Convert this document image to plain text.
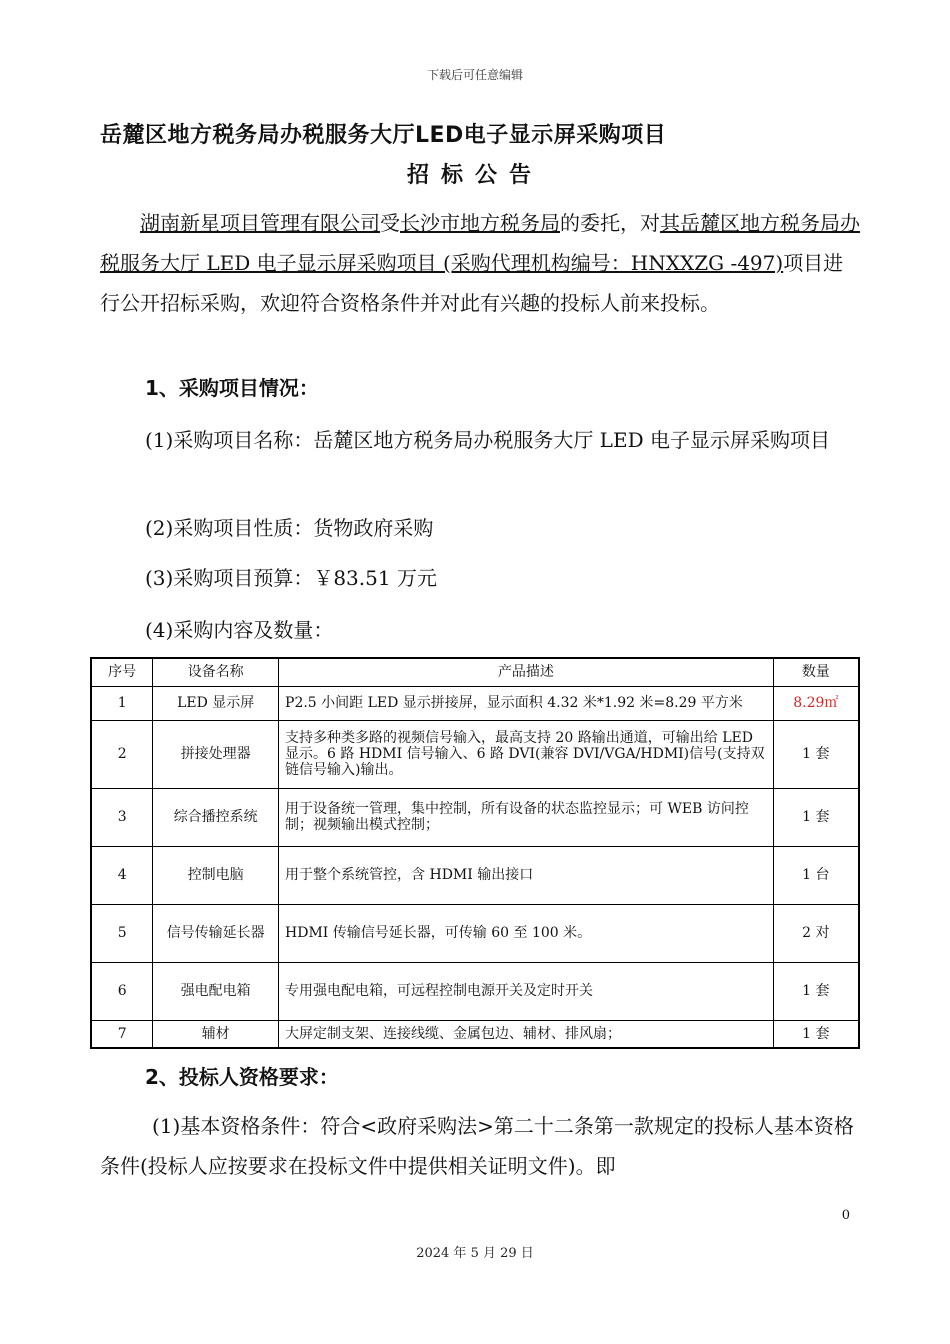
下载后可任意编辑
岳麓区地方税务局办税服务大厅LED电子显示屏采购项目
招标公告
湖南新星项目管理有限公司受长沙市地方税务局的委托，对其岳麓区地方税务局办税服务大厅 LED 电子显示屏采购项目 (采购代理机构编号：HNXXZG -497)项目进行公开招标采购，欢迎符合资格条件并对此有兴趣的投标人前来投标。
1、采购项目情况：
(1)采购项目名称：岳麓区地方税务局办税服务大厅 LED 电子显示屏采购项目
(2)采购项目性质：货物政府采购
(3)采购项目预算：￥83.51 万元
(4)采购内容及数量：
序号	设备名称	产品描述	数量
1	LED 显示屏	P2.5 小间距 LED 显示拼接屏，显示面积 4.32 米*1.92 米=8.29 平方米	8.29㎡
2	拼接处理器	支持多种类多路的视频信号输入，最高支持 20 路输出通道，可输出给 LED 显示。6 路 HDMI 信号输入、6 路 DVI(兼容 DVI/VGA/HDMI)信号(支持双链信号输入)输出。	1 套
3	综合播控系统	用于设备统一管理，集中控制，所有设备的状态监控显示；可 WEB 访问控制；视频输出模式控制；	1 套
4	控制电脑	用于整个系统管控，含 HDMI 输出接口	1 台
5	信号传输延长器	HDMI 传输信号延长器，可传输 60 至 100 米。	2 对
6	强电配电箱	专用强电配电箱，可远程控制电源开关及定时开关	1 套
7	辅材	大屏定制支架、连接线缆、金属包边、辅材、排风扇；	1 套
2、投标人资格要求：
(1)基本资格条件：符合<政府采购法>第二十二条第一款规定的投标人基本资格条件(投标人应按要求在投标文件中提供相关证明文件)。即
0
2024 年 5 月 29 日
